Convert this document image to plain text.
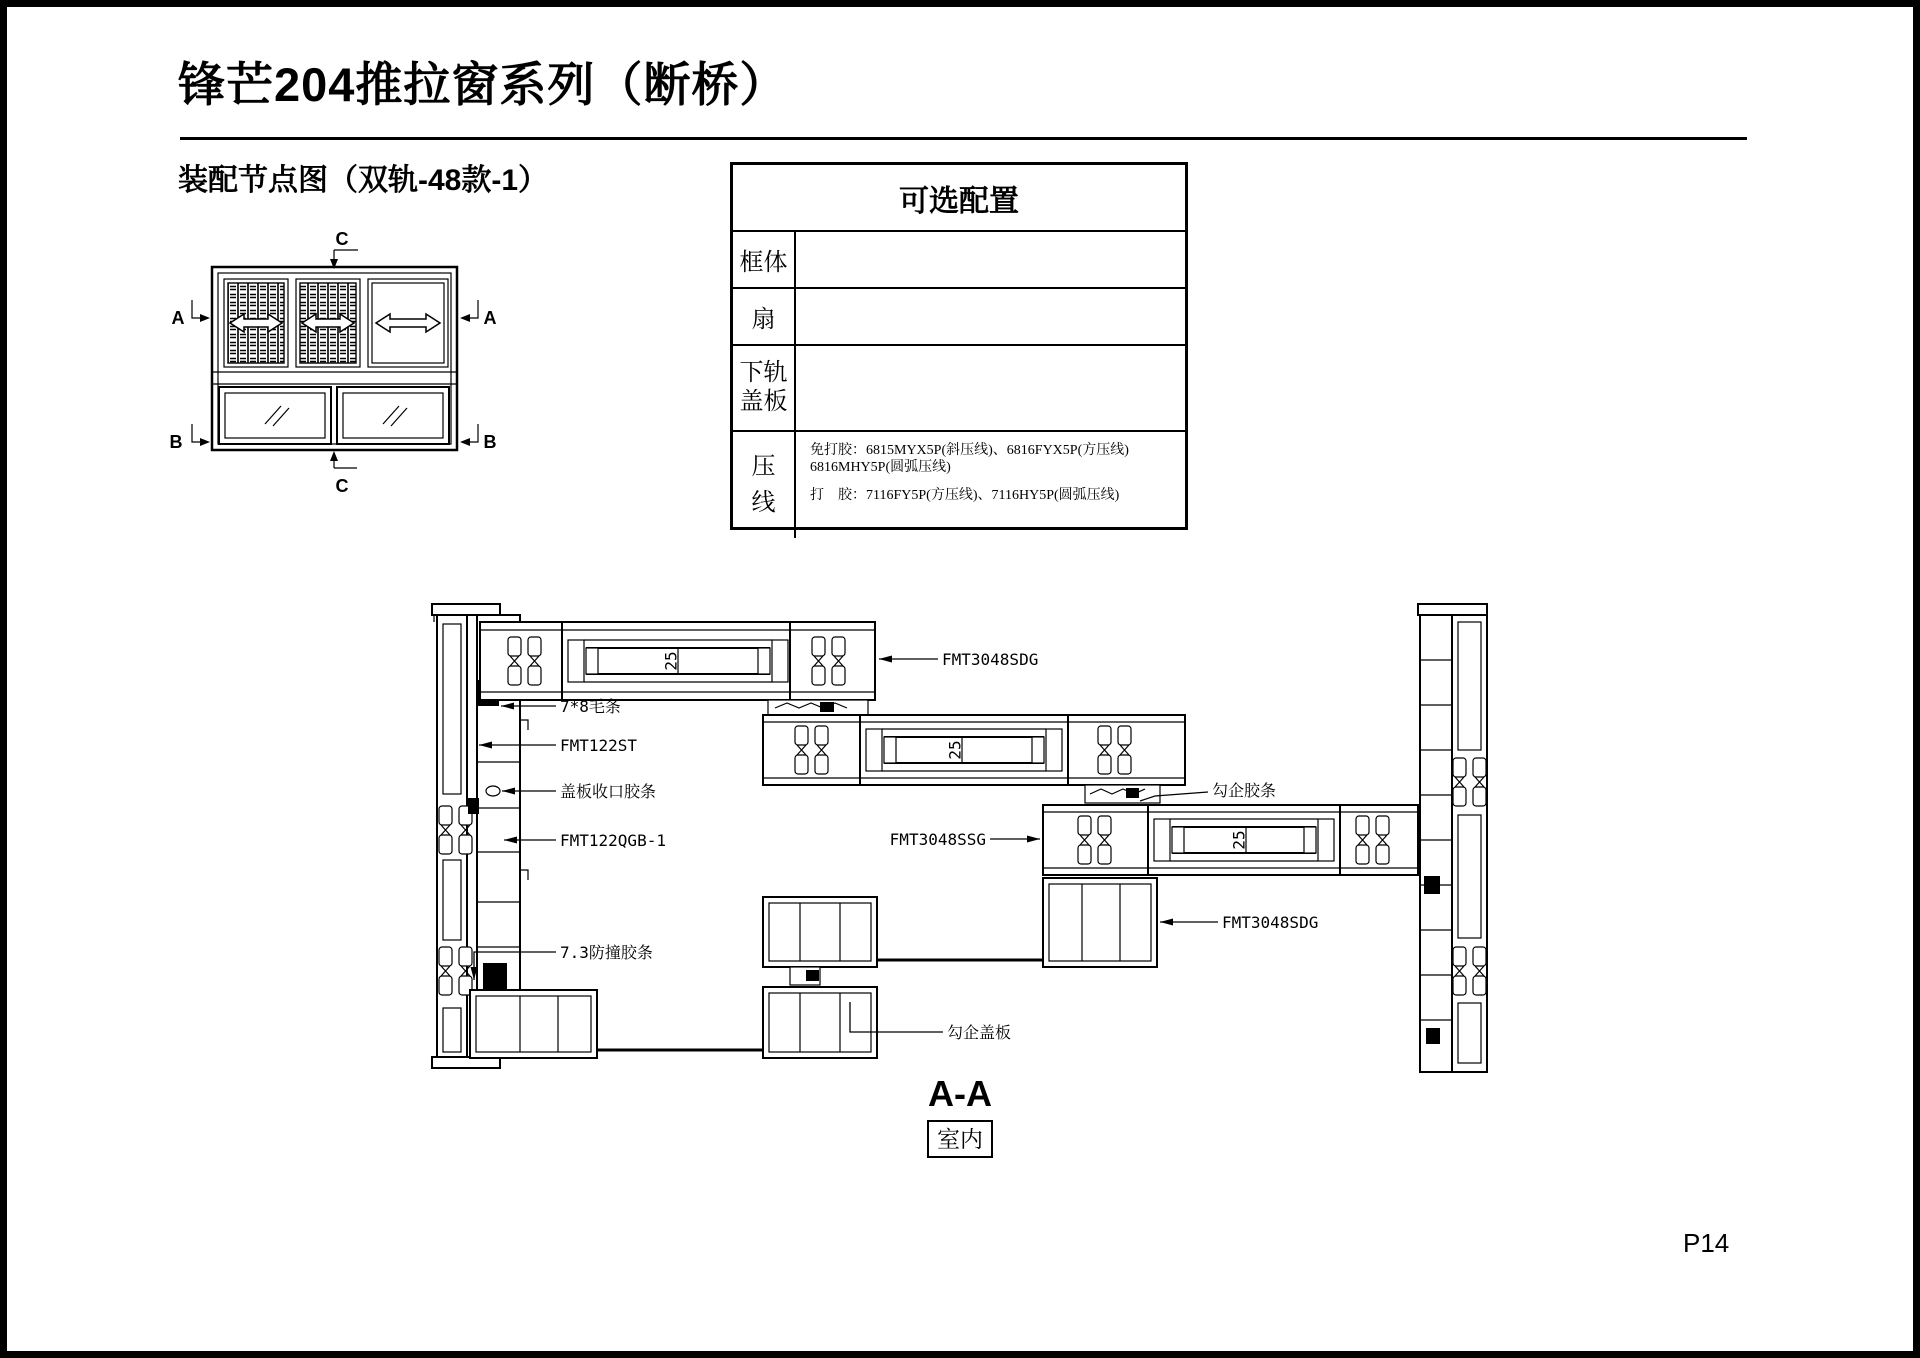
锋芒204推拉窗系列（断桥）
装配节点图（双轨-48款-1）
可选配置
框体
扇
下轨盖板
压线
免打胶：6815MYX5P(斜压线)、6816FYX5P(方压线)
6816MHY5P(圆弧压线)
打　胶：7116FY5P(方压线)、7116HY5P(圆弧压线)
C
C
A	A
B	B
25
25
25
7*8毛条
FMT122ST
盖板收口胶条
FMT122QGB-1
7.3防撞胶条
FMT3048SDG
勾企胶条
FMT3048SSG
FMT3048SDG
勾企盖板
A-A
室内
P14
